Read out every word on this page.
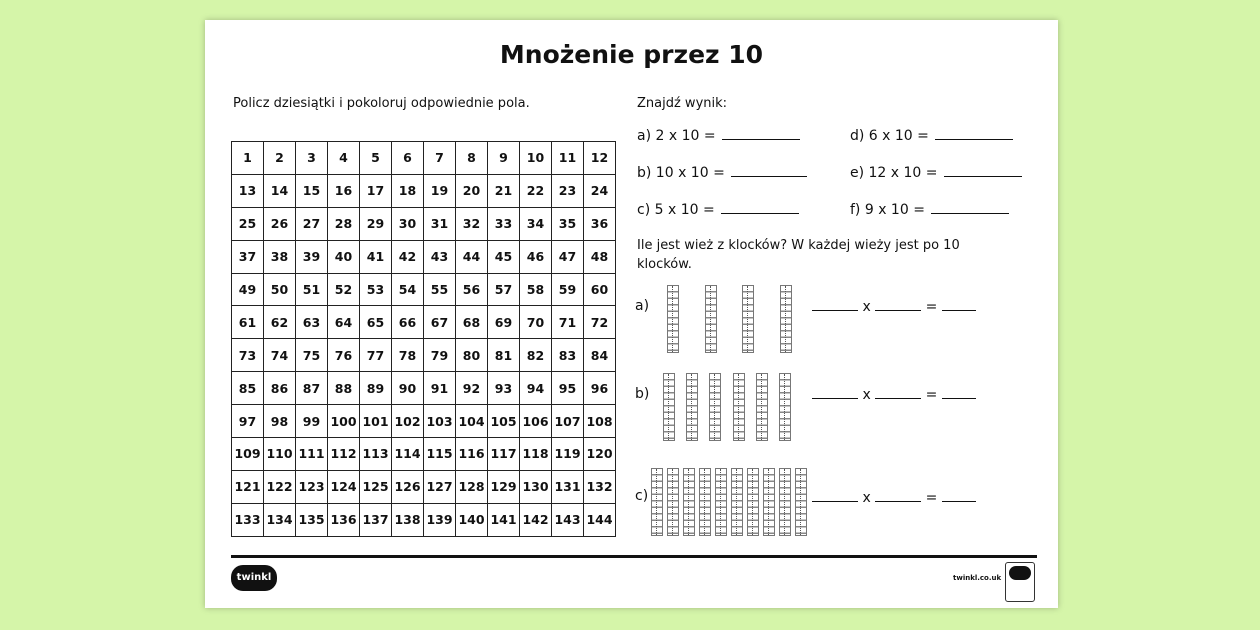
Mnożenie przez 10
Policz dziesiątki i pokoloruj odpowiednie pola.
1	2	3	4	5	6	7	8	9	10	11	12
13	14	15	16	17	18	19	20	21	22	23	24
25	26	27	28	29	30	31	32	33	34	35	36
37	38	39	40	41	42	43	44	45	46	47	48
49	50	51	52	53	54	55	56	57	58	59	60
61	62	63	64	65	66	67	68	69	70	71	72
73	74	75	76	77	78	79	80	81	82	83	84
85	86	87	88	89	90	91	92	93	94	95	96
97	98	99	100	101	102	103	104	105	106	107	108
109	110	111	112	113	114	115	116	117	118	119	120
121	122	123	124	125	126	127	128	129	130	131	132
133	134	135	136	137	138	139	140	141	142	143	144
Znajdź wynik:
a) 2 x 10 =
b) 10 x 10 =
c) 5 x 10 =
d) 6 x 10 =
e) 12 x 10 =
f) 9 x 10 =
Ile jest wież z klocków? W każdej wieży jest po 10 klocków.
a)	x	=
b)	x	=
c)	x	=
twinkl	twinkl.co.uk
